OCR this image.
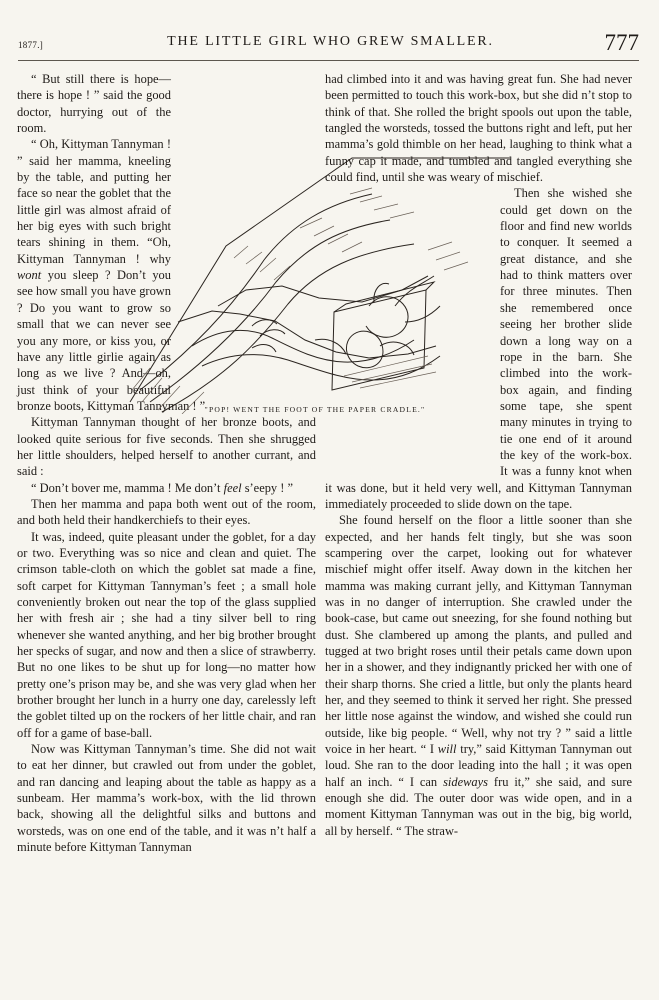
1877.]	THE LITTLE GIRL WHO GREW SMALLER.	777

“ But still there is hope—there is hope ! ” said the good doctor, hurrying out of the room.

“ Oh, Kittyman Tannyman ! ” said her mamma, kneeling by the table, and putting her face so near the goblet that the little girl was almost afraid of her big eyes with such bright tears shining in them. “Oh, Kittyman Tannyman ! why wont you sleep ? Don’t you see how small you have grown ? Do you want to grow so small that we can never see you any more, or kiss you, or have any little girlie again as long as we live ? And—oh, just think of your beautiful bronze boots, Kittyman Tannyman ! ”

Kittyman Tannyman thought of her bronze boots, and looked quite serious for five seconds. Then she shrugged her little shoulders, helped herself to another currant, and said :

“ Don’t bover me, mamma ! Me don’t feel s’eepy ! ”

Then her mamma and papa both went out of the room, and both held their handkerchiefs to their eyes.

It was, indeed, quite pleasant under the goblet, for a day or two. Everything was so nice and clean and quiet. The crimson table-cloth on which the goblet sat made a fine, soft carpet for Kittyman Tannyman’s feet ; a small hole conveniently broken out near the top of the glass supplied her with fresh air ; she had a tiny silver bell to ring whenever she wanted anything, and her big brother brought her specks of sugar, and now and then a slice of strawberry. But no one likes to be shut up for long—no matter how pretty one’s prison may be, and she was very glad when her brother brought her lunch in a hurry one day, carelessly left the goblet tilted up on the rockers of her little chair, and ran off for a game of base-ball.

Now was Kittyman Tannyman’s time. She did not wait to eat her dinner, but crawled out from under the goblet, and ran dancing and leaping about the table as happy as a sunbeam. Her mamma’s work-box, with the lid thrown back, showing all the delightful silks and buttons and worsteds, was on one end of the table, and it was n’t half a minute before Kittyman Tannyman

had climbed into it and was having great fun. She had never been permitted to touch this work-box, but she did n’t stop to think of that. She rolled the bright spools out upon the table, tangled the worsteds, tossed the buttons right and left, put her mamma’s gold thimble on her head, laughing to think what a funny cap it made, and tumbled and tangled everything she could find, until she was weary of mischief.

Then she wished she could get down on the floor and find new worlds to conquer. It seemed a great distance, and she had to think matters over for three minutes. Then she remembered once seeing her brother slide down a long way on a rope in the barn. She climbed into the work-box again, and finding some tape, she spent many minutes in trying to tie one end of it around the key of the work-box. It was a funny knot when it was done, but it held very well, and Kittyman Tannyman immediately proceeded to slide down on the tape.

She found herself on the floor a little sooner than she expected, and her hands felt tingly, but she was soon scampering over the carpet, looking out for whatever mischief might offer itself. Away down in the kitchen her mamma was making currant jelly, and Kittyman Tannyman was in no danger of interruption. She crawled under the book-case, but came out sneezing, for she found nothing but dust. She clambered up among the plants, and pulled and tugged at two bright roses until their petals came down upon her in a shower, and they indignantly pricked her with one of their sharp thorns. She cried a little, but only the plants heard her, and they seemed to think it served her right. She pressed her little nose against the window, and wished she could run outside, like big people. “ Well, why not try ? ” said a little voice in her heart. “ I will try,” said Kittyman Tannyman out loud. She ran to the door leading into the hall ; it was open half an inch. “ I can sideways fru it,” she said, and sure enough she did. The outer door was wide open, and in a moment Kittyman Tannyman was out in the big, big world, all by herself. “ The straw-

"POP! WENT THE FOOT OF THE PAPER CRADLE."
